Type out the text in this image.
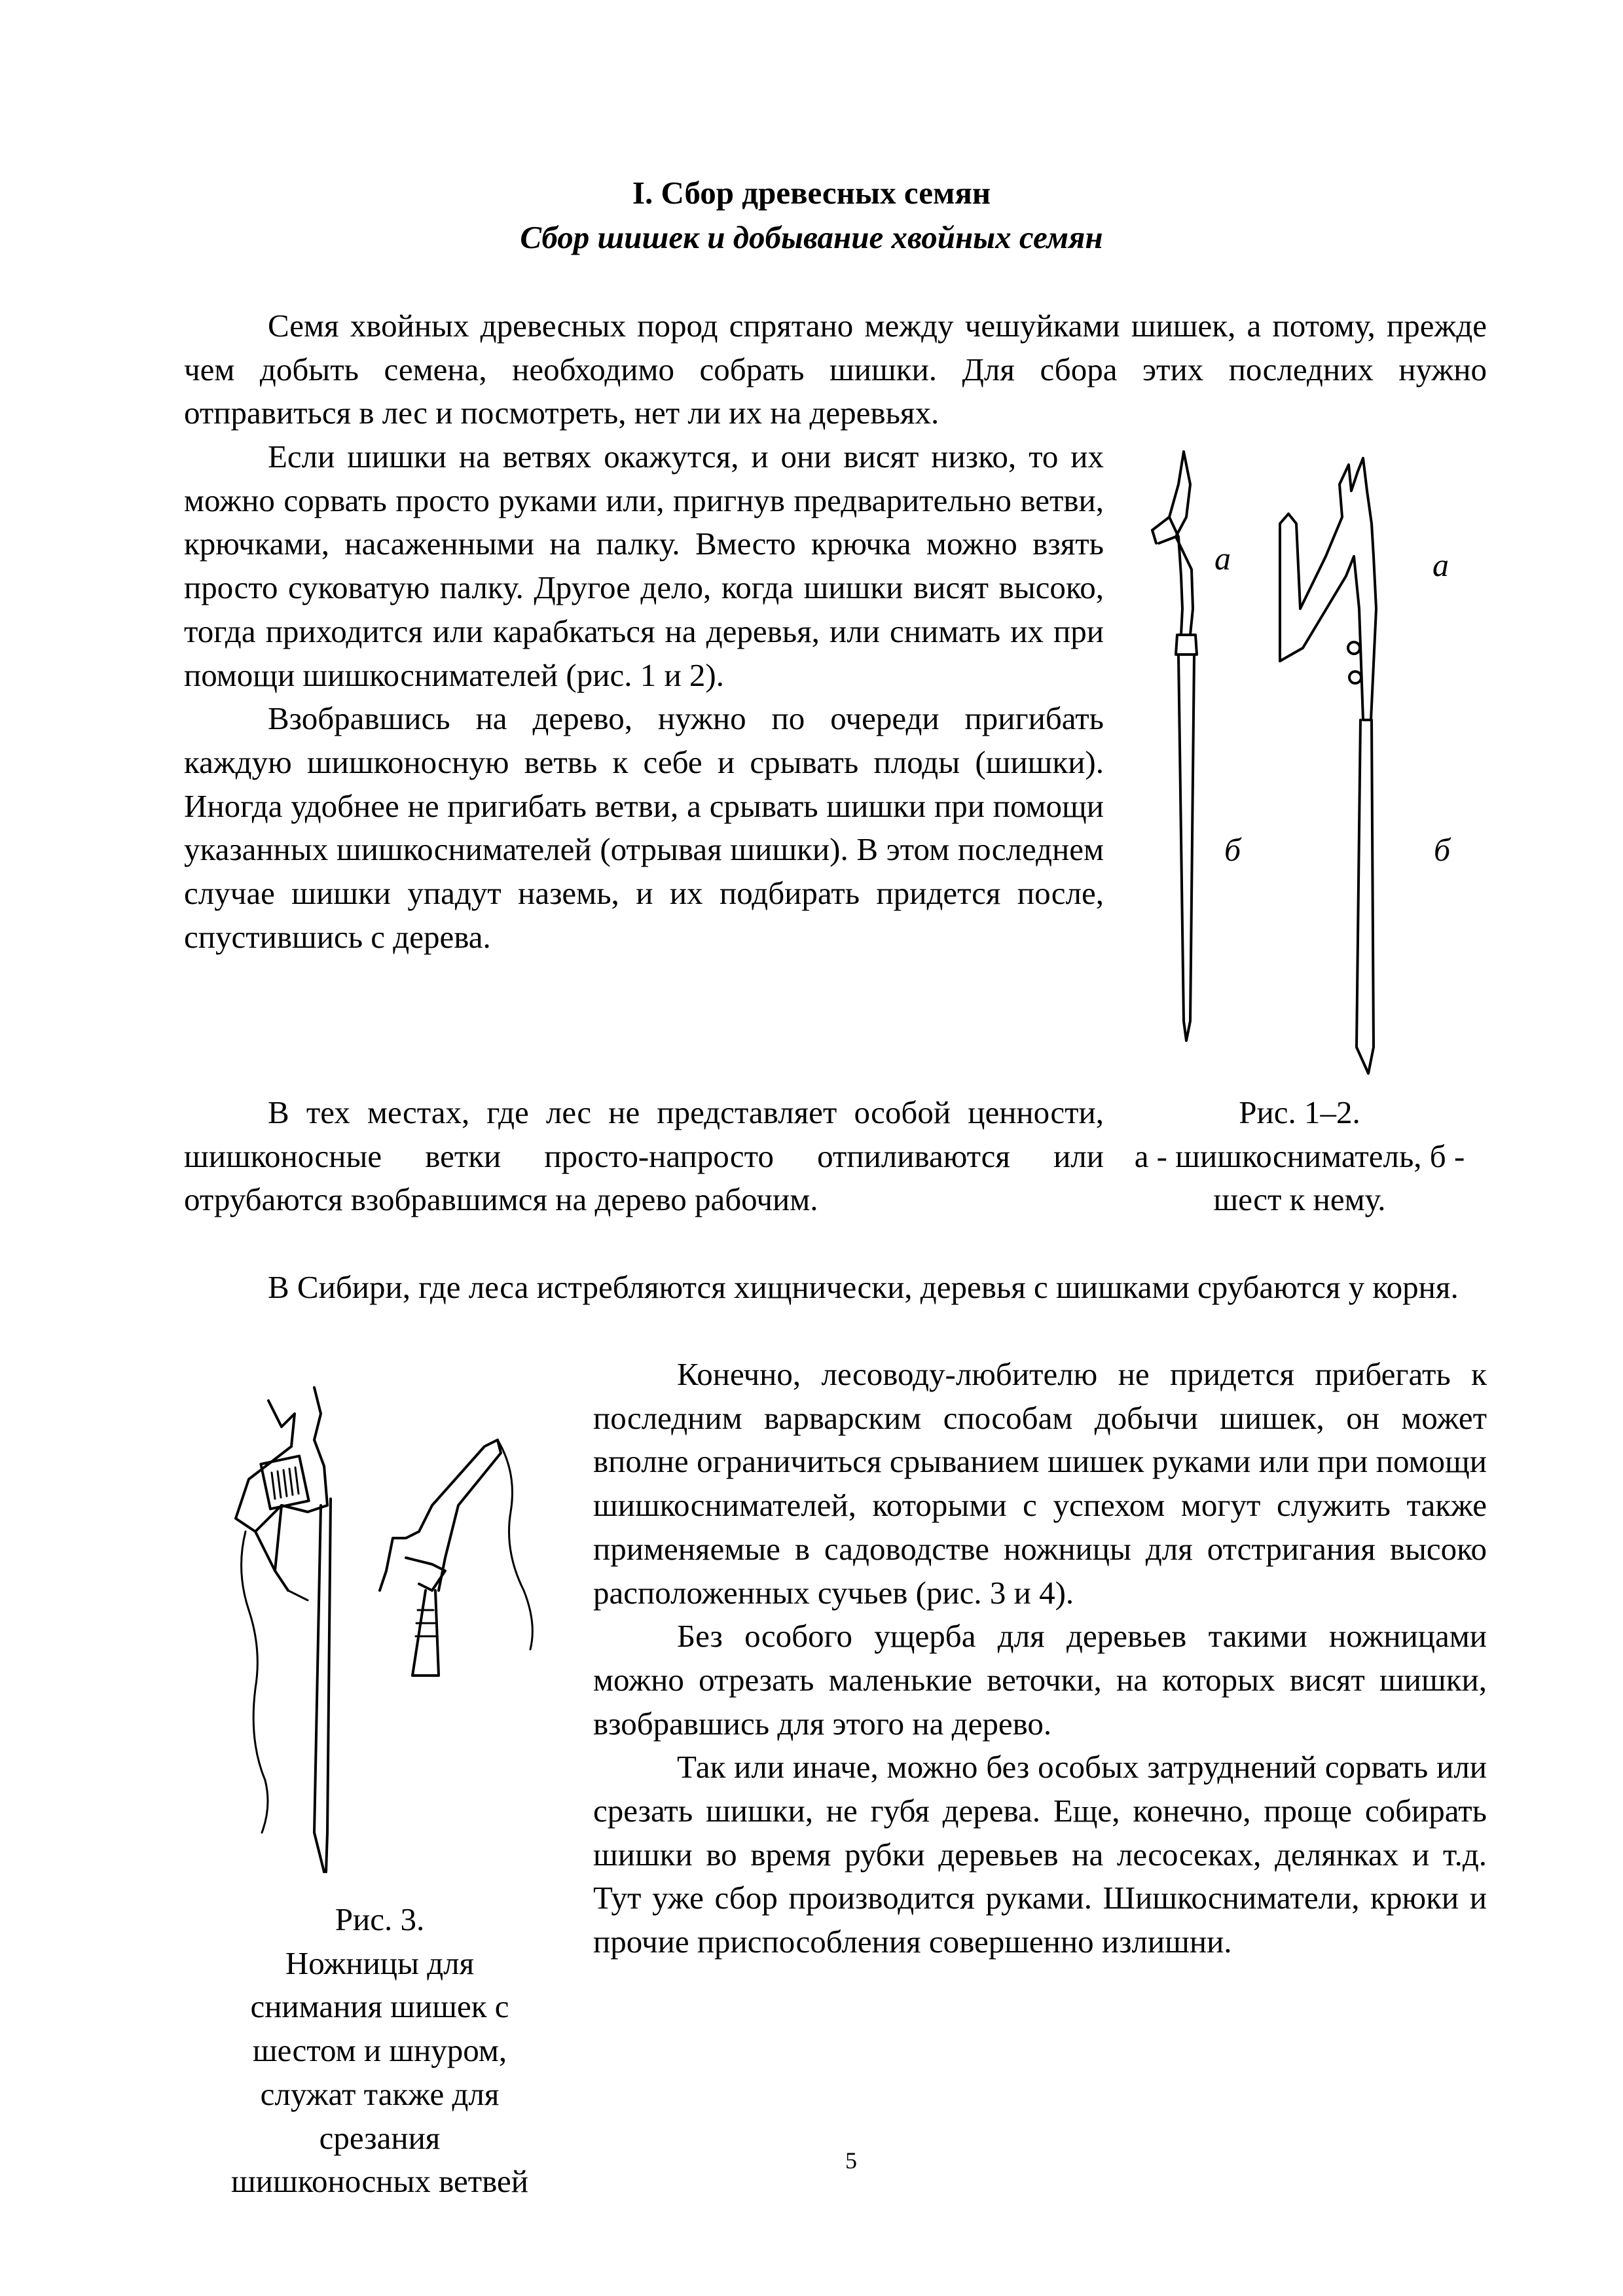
I. Сбор древесных семян
Сбор шишек и добывание хвойных семян

Семя хвойных древесных пород спрятано между чешуйками шишек, а потому, прежде чем добыть семена, необходимо собрать шишки. Для сбора этих последних нужно отправиться в лес и посмотреть, нет ли их на деревьях.

Если шишки на ветвях окажутся, и они висят низко, то их можно сорвать просто руками или, пригнув предварительно ветви, крючками, насаженными на палку. Вместо крючка можно взять просто суковатую палку. Другое дело, когда шишки висят высоко, тогда приходится или карабкаться на деревья, или снимать их при помощи шишкоснимателей (рис. 1 и 2).

Взобравшись на дерево, нужно по очереди пригибать каждую шишконосную ветвь к себе и срывать плоды (шишки). Иногда удобнее не пригибать ветви, а срывать шишки при помощи указанных шишкоснимателей (отрывая шишки). В этом последнем случае шишки упадут наземь, и их подбирать придется после, спустившись с дерева.

В тех местах, где лес не представляет особой ценности, шишконосные ветки просто-напросто отпиливаются или отрубаются взобравшимся на дерево рабочим.

В Сибири, где леса истребляются хищнически, деревья с шишками срубаются у корня.

Конечно, лесоводу-любителю не придется прибегать к последним варварским способам добычи шишек, он может вполне ограничиться срыванием шишек руками или при помощи шишкоснимателей, которыми с успехом могут служить также применяемые в садоводстве ножницы для отстригания высоко расположенных сучьев (рис. 3 и 4).

Без особого ущерба для деревьев такими ножницами можно отрезать маленькие веточки, на которых висят шишки, взобравшись для этого на дерево.

Так или иначе, можно без особых затруднений сорвать или срезать шишки, не губя дерева. Еще, конечно, проще собирать шишки во время рубки деревьев на лесосеках, делянках и т.д. Тут уже сбор производится руками. Шишкосниматели, крюки и прочие приспособления совершенно излишни.

а	а
б	б
Рис. 1–2.
а - шишкосниматель, б -
шест к нему.
Рис. 3.
Ножницы для
снимания шишек с
шестом и шнуром,
служат также для
срезания
шишконосных ветвей
5
